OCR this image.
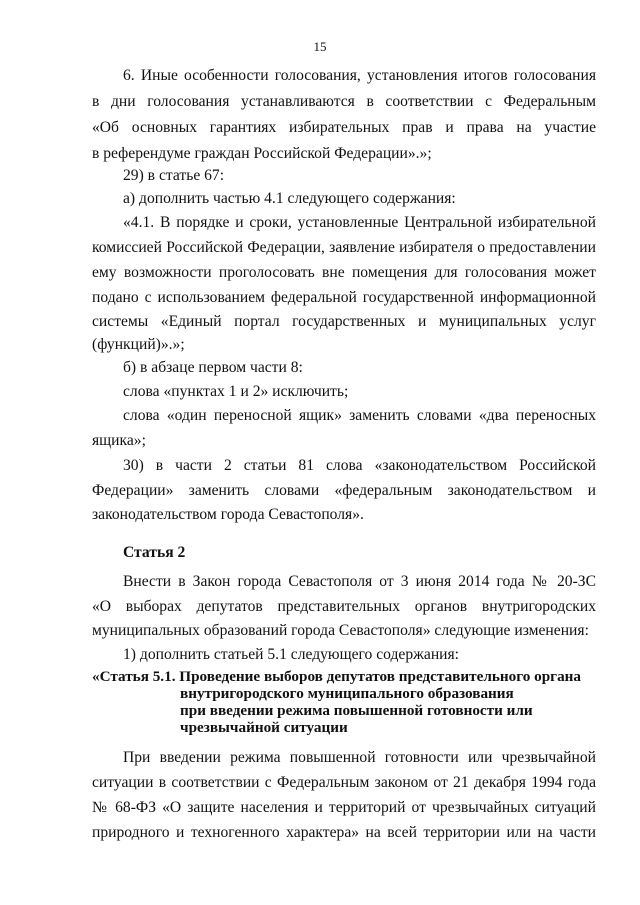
15
6. Иные особенности голосования, установления итогов голосования
в дни голосования устанавливаются в соответствии с Федеральным
«Об основных гарантиях избирательных прав и права на участие
в референдуме граждан Российской Федерации».»;
29) в статье 67:
а) дополнить частью 4.1 следующего содержания:
«4.1. В порядке и сроки, установленные Центральной избирательной
комиссией Российской Федерации, заявление избирателя о предоставлении
ему возможности проголосовать вне помещения для голосования может
подано с использованием федеральной государственной информационной
системы «Единый портал государственных и муниципальных услуг
(функций)».»;
б) в абзаце первом части 8:
слова «пунктах 1 и 2» исключить;
слова «один переносной ящик» заменить словами «два переносных
ящика»;
30) в части 2 статьи 81 слова «законодательством Российской
Федерации» заменить словами «федеральным законодательством и
законодательством города Севастополя».
Статья 2
Внести в Закон города Севастополя от 3 июня 2014 года № 20-ЗС
«О выборах депутатов представительных органов внутригородских
муниципальных образований города Севастополя» следующие изменения:
1) дополнить статьей 5.1 следующего содержания:
«Статья 5.1. Проведение выборов депутатов представительного органа
внутригородского муниципального образования
при введении режима повышенной готовности или
чрезвычайной ситуации
При введении режима повышенной готовности или чрезвычайной
ситуации в соответствии с Федеральным законом от 21 декабря 1994 года
№ 68-ФЗ «О защите населения и территорий от чрезвычайных ситуаций
природного и техногенного характера» на всей территории или на части
